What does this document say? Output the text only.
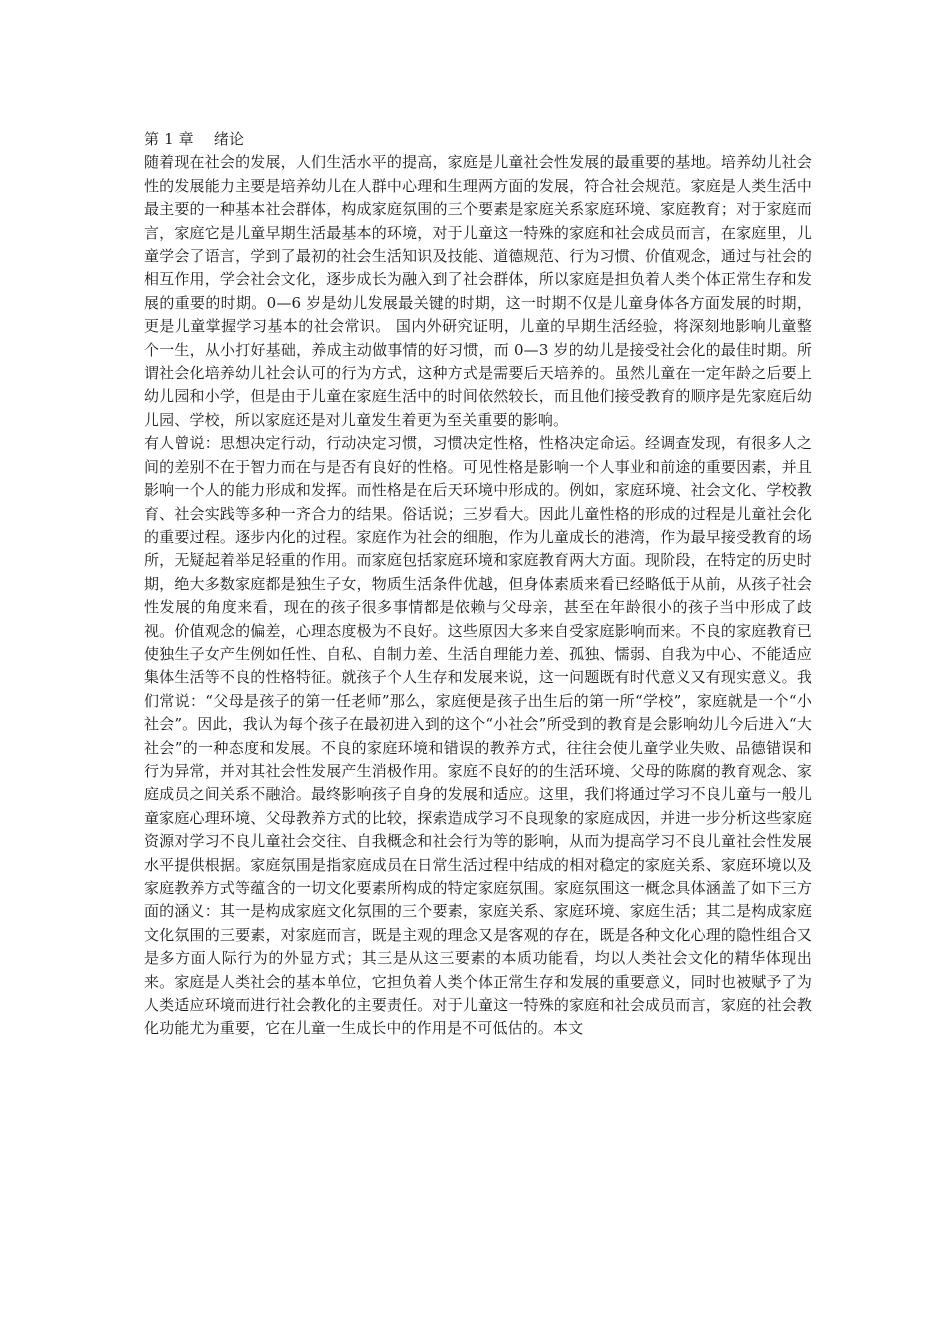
第 1 章　 绪论

随着现在社会的发展，人们生活水平的提高，家庭是儿童社会性发展的最重要的基地。培养幼儿社会性的发展能力主要是培养幼儿在人群中心理和生理两方面的发展，符合社会规范。家庭是人类生活中最主要的一种基本社会群体，构成家庭氛围的三个要素是家庭关系家庭环境、家庭教育；对于家庭而言，家庭它是儿童早期生活最基本的环境，对于儿童这一特殊的家庭和社会成员而言，在家庭里，儿童学会了语言，学到了最初的社会生活知识及技能、道德规范、行为习惯、价值观念，通过与社会的相互作用，学会社会文化，逐步成长为融入到了社会群体，所以家庭是担负着人类个体正常生存和发展的重要的时期。0—6 岁是幼儿发展最关键的时期，这一时期不仅是儿童身体各方面发展的时期，更是儿童掌握学习基本的社会常识。 国内外研究证明，儿童的早期生活经验，将深刻地影响儿童整个一生，从小打好基础，养成主动做事情的好习惯，而 0—3 岁的幼儿是接受社会化的最佳时期。所谓社会化培养幼儿社会认可的行为方式，这种方式是需要后天培养的。虽然儿童在一定年龄之后要上幼儿园和小学，但是由于儿童在家庭生活中的时间依然较长，而且他们接受教育的顺序是先家庭后幼儿园、学校，所以家庭还是对儿童发生着更为至关重要的影响。

有人曾说：思想决定行动，行动决定习惯，习惯决定性格，性格决定命运。经调查发现，有很多人之间的差别不在于智力而在与是否有良好的性格。可见性格是影响一个人事业和前途的重要因素，并且影响一个人的能力形成和发挥。而性格是在后天环境中形成的。例如，家庭环境、社会文化、学校教育、社会实践等多种一齐合力的结果。俗话说；三岁看大。因此儿童性格的形成的过程是儿童社会化的重要过程。逐步内化的过程。家庭作为社会的细胞，作为儿童成长的港湾，作为最早接受教育的场所，无疑起着举足轻重的作用。而家庭包括家庭环境和家庭教育两大方面。现阶段，在特定的历史时期，绝大多数家庭都是独生子女，物质生活条件优越，但身体素质来看已经略低于从前，从孩子社会性发展的角度来看，现在的孩子很多事情都是依赖与父母亲，甚至在年龄很小的孩子当中形成了歧视。价值观念的偏差，心理态度极为不良好。这些原因大多来自受家庭影响而来。不良的家庭教育已使独生子女产生例如任性、自私、自制力差、生活自理能力差、孤独、懦弱、自我为中心、不能适应集体生活等不良的性格特征。就孩子个人生存和发展来说，这一问题既有时代意义又有现实意义。我们常说：“父母是孩子的第一任老师”那么，家庭便是孩子出生后的第一所“学校”，家庭就是一个“小社会”。因此，我认为每个孩子在最初进入到的这个“小社会”所受到的教育是会影响幼儿今后进入“大社会”的一种态度和发展。不良的家庭环境和错误的教养方式，往往会使儿童学业失败、品德错误和行为异常，并对其社会性发展产生消极作用。家庭不良好的的生活环境、父母的陈腐的教育观念、家庭成员之间关系不融洽。最终影响孩子自身的发展和适应。这里，我们将通过学习不良儿童与一般儿童家庭心理环境、父母教养方式的比较，探索造成学习不良现象的家庭成因，并进一步分析这些家庭资源对学习不良儿童社会交往、自我概念和社会行为等的影响，从而为提高学习不良儿童社会性发展水平提供根据。家庭氛围是指家庭成员在日常生活过程中结成的相对稳定的家庭关系、家庭环境以及家庭教养方式等蕴含的一切文化要素所构成的特定家庭氛围。家庭氛围这一概念具体涵盖了如下三方面的涵义：其一是构成家庭文化氛围的三个要素，家庭关系、家庭环境、家庭生活；其二是构成家庭文化氛围的三要素，对家庭而言，既是主观的理念又是客观的存在，既是各种文化心理的隐性组合又是多方面人际行为的外显方式；其三是从这三要素的本质功能看，均以人类社会文化的精华体现出来。家庭是人类社会的基本单位，它担负着人类个体正常生存和发展的重要意义，同时也被赋予了为人类适应环境而进行社会教化的主要责任。对于儿童这一特殊的家庭和社会成员而言，家庭的社会教化功能尤为重要，它在儿童一生成长中的作用是不可低估的。本文
